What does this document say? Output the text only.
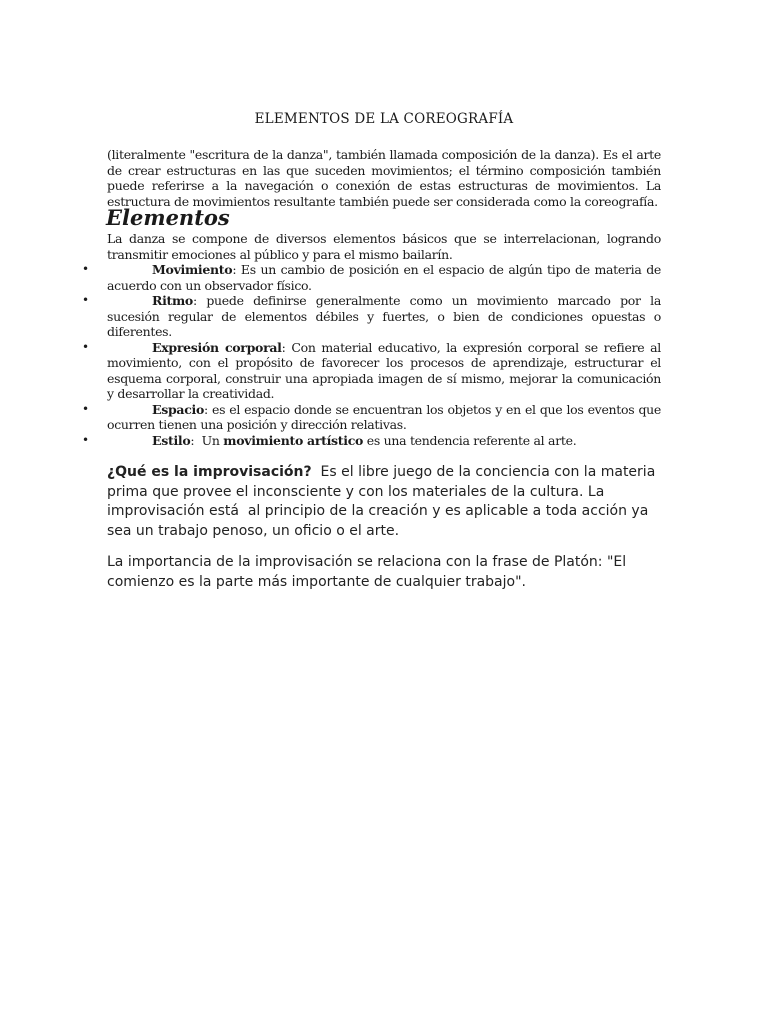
ELEMENTOS DE LA COREOGRAFÍA

(literalmente "escritura de la danza", también llamada composición de la danza). Es el arte de crear estructuras en las que suceden movimientos; el término composición también puede referirse a la navegación o conexión de estas estructuras de movimientos. La estructura de movimientos resultante también puede ser considerada como la coreografía.

Elementos

La danza se compone de diversos elementos básicos que se interrelacionan, logrando transmitir emociones al público y para el mismo bailarín.

•	Movimiento: Es un cambio de posición en el espacio de algún tipo de materia de acuerdo con un observador físico.
•	Ritmo: puede definirse generalmente como un movimiento marcado por la sucesión regular de elementos débiles y fuertes, o bien de condiciones opuestas o diferentes.
•	Expresión corporal: Con material educativo, la expresión corporal se refiere al movimiento, con el propósito de favorecer los procesos de aprendizaje, estructurar el esquema corporal, construir una apropiada imagen de sí mismo, mejorar la comunicación y desarrollar la creatividad.
•	Espacio: es el espacio donde se encuentran los objetos y en el que los eventos que ocurren tienen una posición y dirección relativas.
•	Estilo:  Un movimiento artístico es una tendencia referente al arte.

¿Qué es la improvisación?  Es el libre juego de la conciencia con la materia prima que provee el inconsciente y con los materiales de la cultura. La improvisación está  al principio de la creación y es aplicable a toda acción ya sea un trabajo penoso, un oficio o el arte.

La importancia de la improvisación se relaciona con la frase de Platón: "El comienzo es la parte más importante de cualquier trabajo".
